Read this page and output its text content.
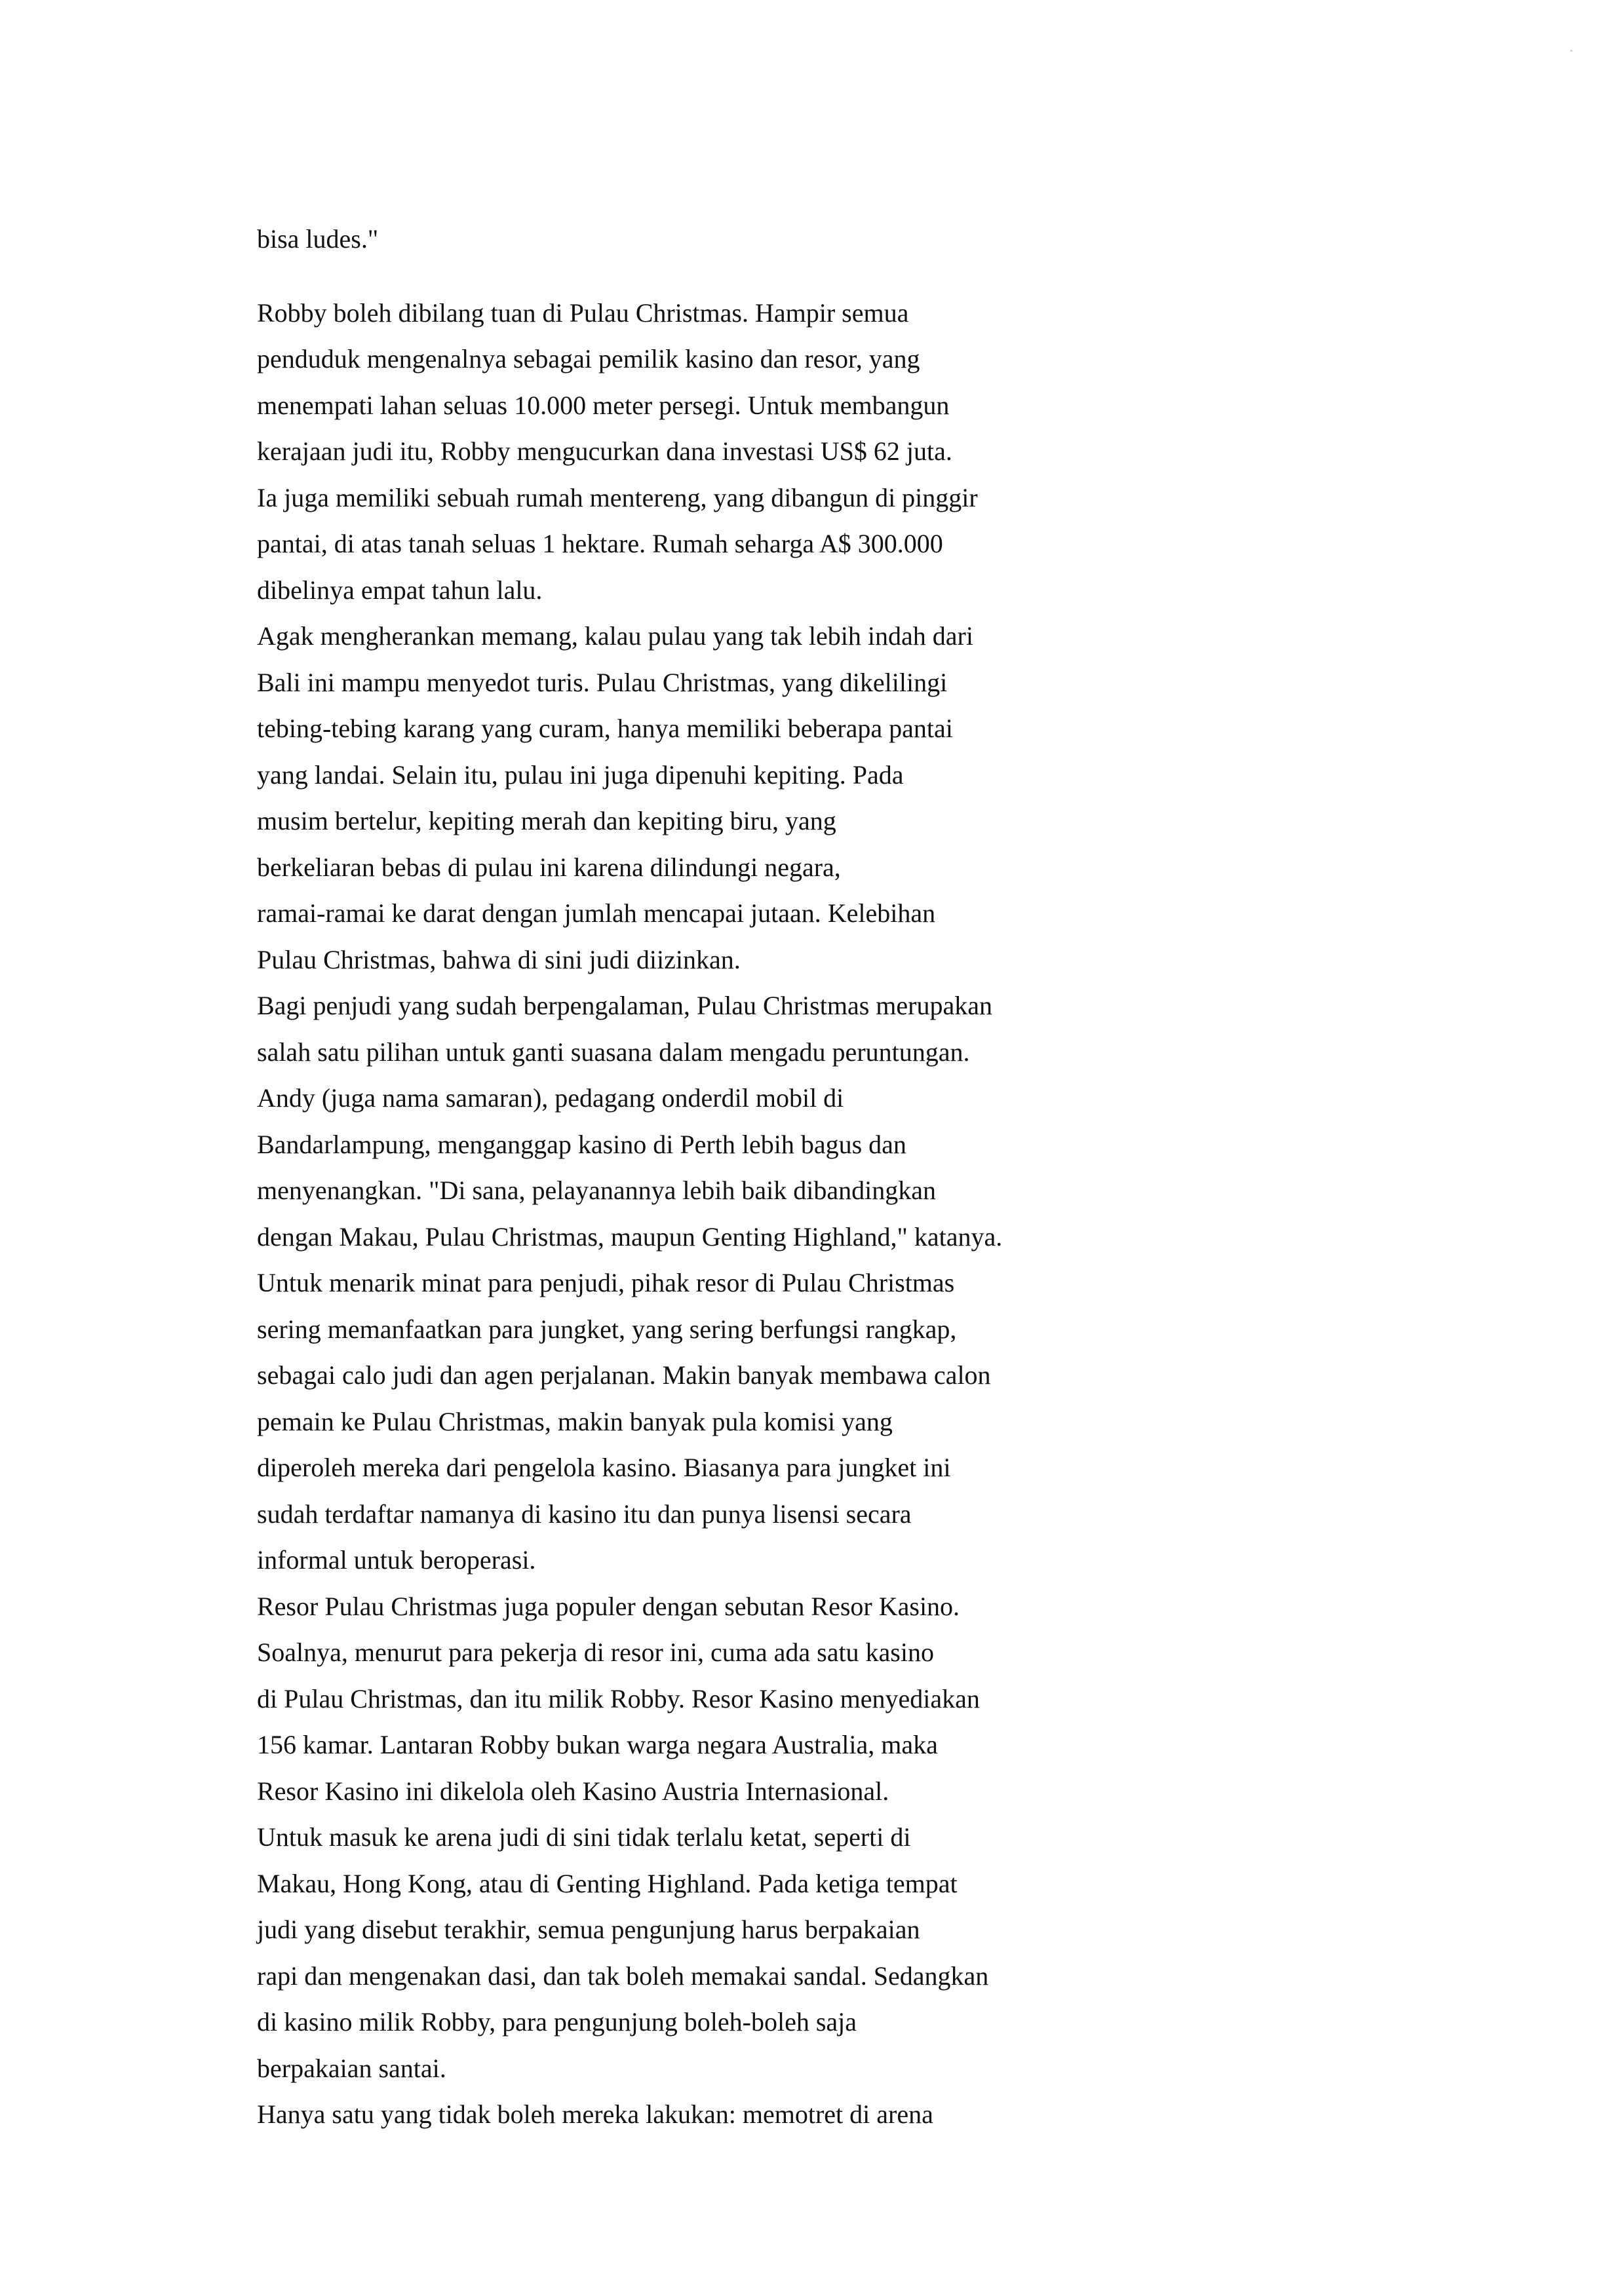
bisa ludes."
Robby boleh dibilang tuan di Pulau Christmas. Hampir semua
penduduk mengenalnya sebagai pemilik kasino dan resor, yang
menempati lahan seluas 10.000 meter persegi. Untuk membangun
kerajaan judi itu, Robby mengucurkan dana investasi US$ 62 juta.
Ia juga memiliki sebuah rumah mentereng, yang dibangun di pinggir
pantai, di atas tanah seluas 1 hektare. Rumah seharga A$ 300.000
dibelinya empat tahun lalu.
Agak mengherankan memang, kalau pulau yang tak lebih indah dari
Bali ini mampu menyedot turis. Pulau Christmas, yang dikelilingi
tebing-tebing karang yang curam, hanya memiliki beberapa pantai
yang landai. Selain itu, pulau ini juga dipenuhi kepiting. Pada
musim bertelur, kepiting merah dan kepiting biru, yang
berkeliaran bebas di pulau ini karena dilindungi negara,
ramai-ramai ke darat dengan jumlah mencapai jutaan. Kelebihan
Pulau Christmas, bahwa di sini judi diizinkan.
Bagi penjudi yang sudah berpengalaman, Pulau Christmas merupakan
salah satu pilihan untuk ganti suasana dalam mengadu peruntungan.
Andy (juga nama samaran), pedagang onderdil mobil di
Bandarlampung, menganggap kasino di Perth lebih bagus dan
menyenangkan. "Di sana, pelayanannya lebih baik dibandingkan
dengan Makau, Pulau Christmas, maupun Genting Highland," katanya.
Untuk menarik minat para penjudi, pihak resor di Pulau Christmas
sering memanfaatkan para jungket, yang sering berfungsi rangkap,
sebagai calo judi dan agen perjalanan. Makin banyak membawa calon
pemain ke Pulau Christmas, makin banyak pula komisi yang
diperoleh mereka dari pengelola kasino. Biasanya para jungket ini
sudah terdaftar namanya di kasino itu dan punya lisensi secara
informal untuk beroperasi.
Resor Pulau Christmas juga populer dengan sebutan Resor Kasino.
Soalnya, menurut para pekerja di resor ini, cuma ada satu kasino
di Pulau Christmas, dan itu milik Robby. Resor Kasino menyediakan
156 kamar. Lantaran Robby bukan warga negara Australia, maka
Resor Kasino ini dikelola oleh Kasino Austria Internasional.
Untuk masuk ke arena judi di sini tidak terlalu ketat, seperti di
Makau, Hong Kong, atau di Genting Highland. Pada ketiga tempat
judi yang disebut terakhir, semua pengunjung harus berpakaian
rapi dan mengenakan dasi, dan tak boleh memakai sandal. Sedangkan
di kasino milik Robby, para pengunjung boleh-boleh saja
berpakaian santai.
Hanya satu yang tidak boleh mereka lakukan: memotret di arena
